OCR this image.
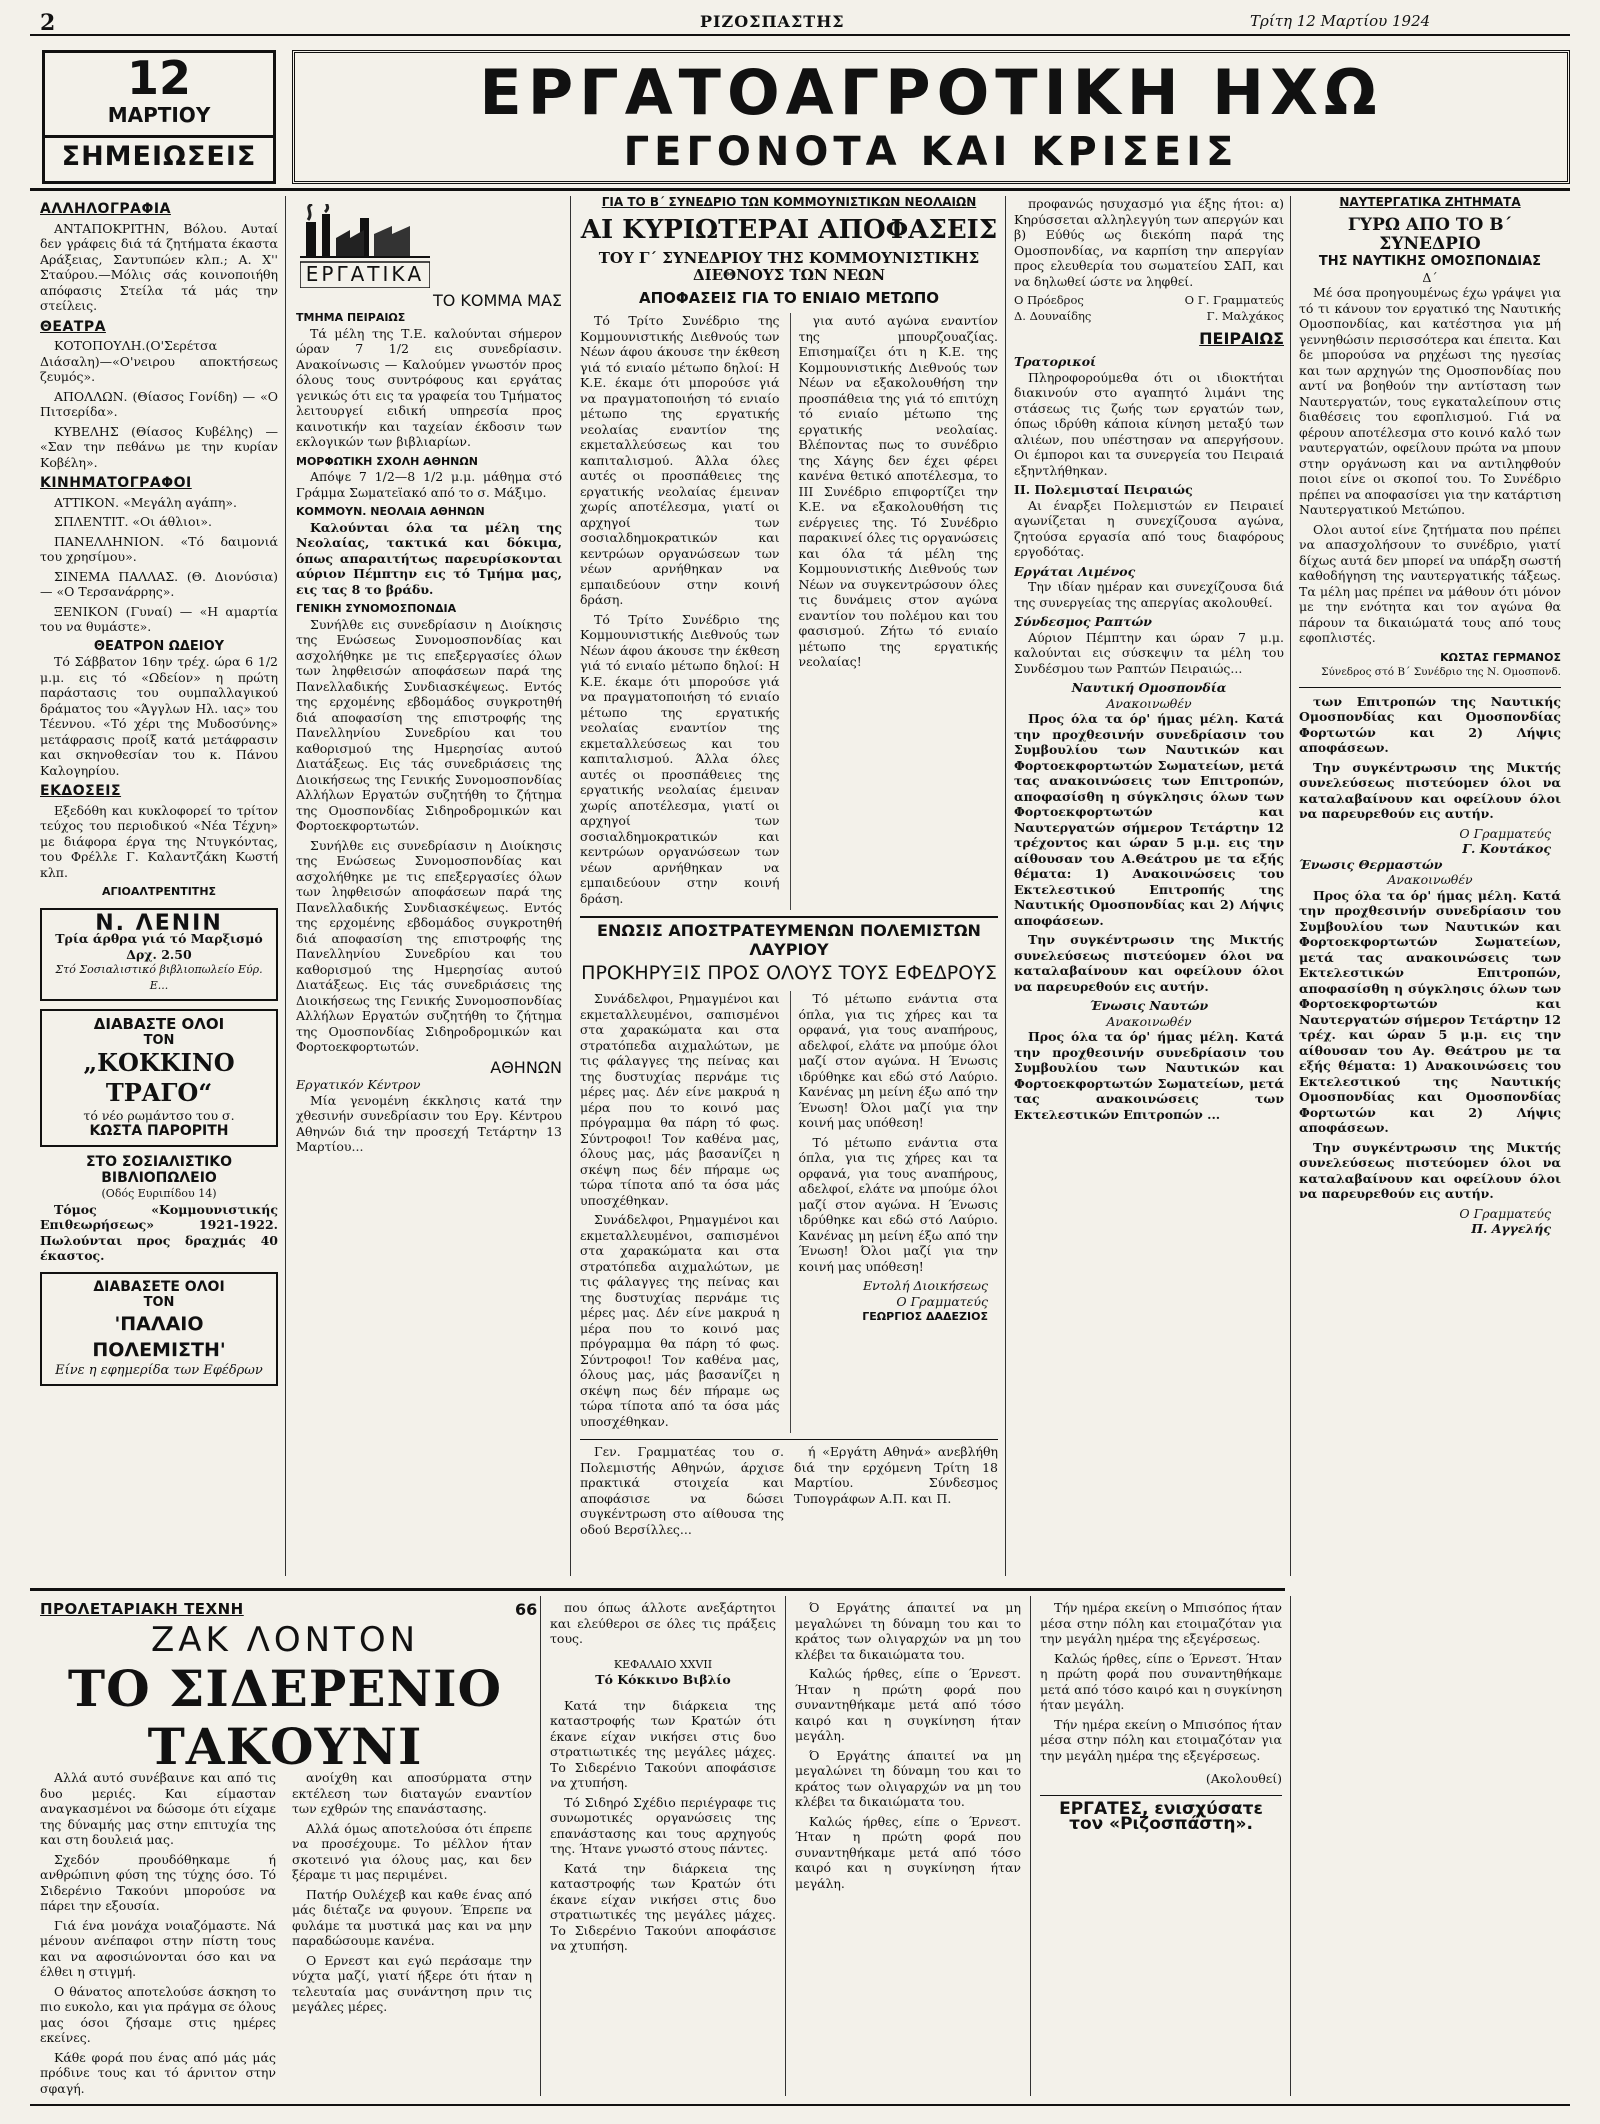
2	ΡΙΖΟΣΠΑΣΤΗΣ	Τρίτη 12 Μαρτίου 1924
12
ΜΑΡΤΙΟΥ
ΣΗΜΕΙΩΣΕΙΣ
ΕΡΓΑΤΟΑΓΡΟΤΙΚΗ ΗΧΩ
ΓΕΓΟΝΟΤΑ ΚΑΙ ΚΡΙΣΕΙΣ
ΑΛΛΗΛΟΓΡΑΦΙΑ

ΑΝΤΑΠΟΚΡΙΤΗΝ, Βόλου. Αυταί δεν γράφεις διά τά ζητήματα έκαστα Αράξειας, Σαντυπώεν κλπ.; Α. Χ'' Σταύρου.—Μόλις σάς κοινοποιήθη απόφασις Στείλα τά μάς την στείλεις.

ΘΕΑΤΡΑ

ΚΟΤΟΠΟΥΛΗ.(Ο'Σερέτσα Διάσαλη)—«Ο'νειρου αποκτήσεως ζευμός».

ΑΠΟΛΛΩΝ. (Θίασος Γονίδη) — «Ο Πιτσερίδα».

ΚΥΒΕΛΗΣ (Θίασος Κυβέλης) — «Σαν την πεθάνω με την κυρίαν Κοβέλη».

ΚΙΝΗΜΑΤΟΓΡΑΦΟΙ

ΑΤΤΙΚΟΝ. «Μεγάλη αγάπη».

ΣΠΛΕΝΤΙΤ. «Οι άθλιοι».

ΠΑΝΕΛΛΗΝΙΟΝ. «Τό δαιμονιά του χρησίμου».

ΣΙΝΕΜΑ ΠΑΛΛΑΣ. (Θ. Διονύσια) — «Ο Τερσανάρρης».

ΞΕΝΙΚΟΝ (Γυναί) — «Η αμαρτία του να θυμάστε».

ΘΕΑΤΡΟΝ ΩΔΕΙΟΥ

Τό Σάββατον 16ην τρέχ. ώρα 6 1/2 μ.μ. εις τό «Ωδείον» η πρώτη παράστασις του ουμπαλλαγικού δράματος του «Άγγλων Ηλ. ιας» του Τέεννου. «Τό χέρι της Μυδοσύνης» μετάφρασις προίξ κατά μετάφρασιν και σκηνοθεσίαν του κ. Πάνου Καλογηρίου.

ΕΚΔΟΣΕΙΣ

Εξεδόθη και κυκλοφορεί το τρίτον τεύχος του περιοδικού «Νέα Τέχνη» με διάφορα έργα της Ντυγκόντας, του Φρέλλε Γ. Καλαντζάκη Κωστή κλπ.

ΑΓΙΟΑΛΤΡΕΝΤΙΤΗΣ
Ν. ΛΕΝΙΝ
Τρία άρθρα γιά τό Μαρξισμό Δρχ. 2.50
Στό Σοσιαλιστικό βιβλιοπωλείο Εύρ. Ε...
ΔΙΑΒΑΣΤΕ ΟΛΟΙ
ΤΟΝ
„ΚΟΚΚΙΝΟ ΤΡΑΓΟ“
τό νέο ρωμάντσο του σ.
ΚΩΣΤΑ ΠΑΡΟΡΙΤΗ
ΣΤΟ ΣΟΣΙΑΛΙΣΤΙΚΟ ΒΙΒΛΙΟΠΩΛΕΙΟ
(Οδός Ευριπίδου 14)

Τόμος «Κομμουνιστικής Επιθεωρήσεως» 1921-1922. Πωλούνται προς δραχμάς 40 έκαστος.

ΔΙΑΒΑΣΕΤΕ ΟΛΟΙ
ΤΟΝ
'ΠΑΛΑΙΟ ΠΟΛΕΜΙΣΤΗ'
Είνε η εφημερίδα των Εφέδρων
ΕΡΓΑΤΙΚΑ
ΤΟ ΚΟΜΜΑ ΜΑΣ
ΤΜΗΜΑ ΠΕΙΡΑΙΩΣ

Τά μέλη της Τ.Ε. καλούνται σήμερον ώραν 7 1/2 εις συνεδρίασιν. Ανακοίνωσις — Καλούμεν γνωστόν προς όλους τους συντρόφους και εργάτας γενικώς ότι εις τα γραφεία του Τμήματος λειτουργεί ειδική υπηρεσία προς καινοτικήν και ταχείαν έκδοσιν των εκλογικών των βιβλιαρίων.

ΜΟΡΦΩΤΙΚΗ ΣΧΟΛΗ ΑΘΗΝΩΝ

Απόψε 7 1/2—8 1/2 μ.μ. μάθημα στό Γράμμα Σωματεϊακό από το σ. Μάξιμο.

ΚΟΜΜΟΥΝ. ΝΕΟΛΑΙΑ ΑΘΗΝΩΝ

Καλούνται όλα τα μέλη της Νεολαίας, τακτικά και δόκιμα, όπως απαραιτήτως παρευρίσκονται αύριον Πέμπτην εις τό Τμήμα μας, εις τας 8 το βράδυ.

ΓΕΝΙΚΗ ΣΥΝΟΜΟΣΠΟΝΔΙΑ

Συνήλθε εις συνεδρίασιν η Διοίκησις της Ενώσεως Συνομοσπονδίας και ασχολήθηκε με τις επεξεργασίες όλων των ληφθεισών αποφάσεων παρά της Πανελλαδικής Συνδιασκέψεως. Εντός της ερχομένης εβδομάδος συγκροτηθή διά αποφασίση της επιστροφής της Πανελληνίου Συνεδρίου και του καθορισμού της Ημερησίας αυτού Διατάξεως. Εις τάς συνεδριάσεις της Διοικήσεως της Γενικής Συνομοσπονδίας Αλλήλων Εργατών συζητήθη το ζήτημα της Ομοσπονδίας Σιδηροδρομικών και Φορτοεκφορτωτών.

Συνήλθε εις συνεδρίασιν η Διοίκησις της Ενώσεως Συνομοσπονδίας και ασχολήθηκε με τις επεξεργασίες όλων των ληφθεισών αποφάσεων παρά της Πανελλαδικής Συνδιασκέψεως. Εντός της ερχομένης εβδομάδος συγκροτηθή διά αποφασίση της επιστροφής της Πανελληνίου Συνεδρίου και του καθορισμού της Ημερησίας αυτού Διατάξεως. Εις τάς συνεδριάσεις της Διοικήσεως της Γενικής Συνομοσπονδίας Αλλήλων Εργατών συζητήθη το ζήτημα της Ομοσπονδίας Σιδηροδρομικών και Φορτοεκφορτωτών.

ΑΘΗΝΩΝ
Εργατικόν Κέντρον

Μία γενομένη έκκλησις κατά την χθεσινήν συνεδρίασιν του Εργ. Κέντρου Αθηνών διά την προσεχή Τετάρτην 13 Μαρτίου...

ΓΙΑ ΤΟ Β΄ ΣΥΝΕΔΡΙΟ ΤΩΝ ΚΟΜΜΟΥΝΙΣΤΙΚΩΝ ΝΕΟΛΑΙΩΝ
ΑΙ ΚΥΡΙΩΤΕΡΑΙ ΑΠΟΦΑΣΕΙΣ
ΤΟΥ Γ΄ ΣΥΝΕΔΡΙΟΥ ΤΗΣ ΚΟΜΜΟΥΝΙΣΤΙΚΗΣ ΔΙΕΘΝΟΥΣ ΤΩΝ ΝΕΩΝ
ΑΠΟΦΑΣΕΙΣ ΓΙΑ ΤΟ ΕΝΙΑΙΟ ΜΕΤΩΠΟ

Τό Τρίτο Συνέδριο της Κομμουνιστικής Διεθνούς των Νέων άφου άκουσε την έκθεση γιά τό ενιαίο μέτωπο δηλοί: Η Κ.Ε. έκαμε ότι μπορούσε γιά να πραγματοποιήση τό ενιαίο μέτωπο της εργατικής νεολαίας εναντίον της εκμεταλλεύσεως και του καπιταλισμού. Άλλα όλες αυτές οι προσπάθειες της εργατικής νεολαίας έμειναν χωρίς αποτέλεσμα, γιατί οι αρχηγοί των σοσιαλδημοκρατικών και κεντρώων οργανώσεων των νέων αρνήθηκαν να εμπαιδεύουν στην κοινή δράση.

Τό Τρίτο Συνέδριο της Κομμουνιστικής Διεθνούς των Νέων άφου άκουσε την έκθεση γιά τό ενιαίο μέτωπο δηλοί: Η Κ.Ε. έκαμε ότι μπορούσε γιά να πραγματοποιήση τό ενιαίο μέτωπο της εργατικής νεολαίας εναντίον της εκμεταλλεύσεως και του καπιταλισμού. Άλλα όλες αυτές οι προσπάθειες της εργατικής νεολαίας έμειναν χωρίς αποτέλεσμα, γιατί οι αρχηγοί των σοσιαλδημοκρατικών και κεντρώων οργανώσεων των νέων αρνήθηκαν να εμπαιδεύουν στην κοινή δράση.

για αυτό αγώνα εναντίον της μπουρζουαζίας. Επισημαίζει ότι η Κ.Ε. της Κομμουνιστικής Διεθνούς των Νέων να εξακολουθήση την προσπάθεια της γιά τό επιτύχη τό ενιαίο μέτωπο της εργατικής νεολαίας. Βλέποντας πως το συνέδριο της Χάγης δεν έχει φέρει κανένα θετικό αποτέλεσμα, το ΙΙΙ Συνέδριο επιφορτίζει την Κ.Ε. να εξακολουθήση τις ενέργειες της. Τό Συνέδριο παρακινεί όλες τις οργανώσεις και όλα τά μέλη της Κομμουνιστικής Διεθνούς των Νέων να συγκεντρώσουν όλες τις δυνάμεις στον αγώνα εναντίον του πολέμου και του φασισμού. Ζήτω τό ενιαίο μέτωπο της εργατικής νεολαίας!

ΕΝΩΣΙΣ ΑΠΟΣΤΡΑΤΕΥΜΕΝΩΝ ΠΟΛΕΜΙΣΤΩΝ ΛΑΥΡΙΟΥ
ΠΡΟΚΗΡΥΞΙΣ ΠΡΟΣ ΟΛΟΥΣ ΤΟΥΣ ΕΦΕΔΡΟΥΣ

Συνάδελφοι, Ρημαγμένοι και εκμεταλλευμένοι, σαπισμένοι στα χαρακώματα και στα στρατόπεδα αιχμαλώτων, με τις φάλαγγες της πείνας και της δυστυχίας περνάμε τις μέρες μας. Δέν είνε μακρυά η μέρα που το κοινό μας πρόγραμμα θα πάρη τό φως. Σύντροφοι! Τον καθένα μας, όλους μας, μάς βασανίζει η σκέψη πως δέν πήραμε ως τώρα τίποτα από τα όσα μάς υποσχέθηκαν.

Συνάδελφοι, Ρημαγμένοι και εκμεταλλευμένοι, σαπισμένοι στα χαρακώματα και στα στρατόπεδα αιχμαλώτων, με τις φάλαγγες της πείνας και της δυστυχίας περνάμε τις μέρες μας. Δέν είνε μακρυά η μέρα που το κοινό μας πρόγραμμα θα πάρη τό φως. Σύντροφοι! Τον καθένα μας, όλους μας, μάς βασανίζει η σκέψη πως δέν πήραμε ως τώρα τίποτα από τα όσα μάς υποσχέθηκαν.

Τό μέτωπο ενάντια στα όπλα, για τις χήρες και τα ορφανά, για τους αναπήρους, αδελφοί, ελάτε να μπούμε όλοι μαζί στον αγώνα. Η Ένωσις ιδρύθηκε και εδώ στό Λαύριο. Κανένας μη μείνη έξω από την Ένωση! Όλοι μαζί για την κοινή μας υπόθεση!

Τό μέτωπο ενάντια στα όπλα, για τις χήρες και τα ορφανά, για τους αναπήρους, αδελφοί, ελάτε να μπούμε όλοι μαζί στον αγώνα. Η Ένωσις ιδρύθηκε και εδώ στό Λαύριο. Κανένας μη μείνη έξω από την Ένωση! Όλοι μαζί για την κοινή μας υπόθεση!

Εντολή Διοικήσεως
Ο Γραμματεύς
ΓΕΩΡΓΙΟΣ ΔΑΔΕΖΙΟΣ

Γεν. Γραμματέας του σ. Πολεμιστής Αθηνών, άρχισε πρακτικά στοιχεία και αποφάσισε να δώσει συγκέντρωση στο αίθουσα της οδού Βερσίλλες...

ή «Εργάτη Αθηνά» ανεβλήθη διά την ερχόμενη Τρίτη 18 Μαρτίου. Σύνδεσμος Τυπογράφων Α.Π. και Π.

προφανώς ησυχασμό για έξης ήτοι: α) Κηρύσσεται αλληλεγγύη των απεργών και β) Εύθύς ως διεκόπη παρά της Ομοσπονδίας, να καρπίση την απεργίαν προς ελευθερία του σωματείου ΣΑΠ, και να δηλωθεί ώστε να ληφθεί.

Ο Πρόεδρος
Δ. Δουναίδης
Ο Γ. Γραμματεύς
Γ. Μαλχάκος
ΠΕΙΡΑΙΩΣ
Τρατορικοί

Πληροφορούμεθα ότι οι ιδιοκτήται διακινούν στο αγαπητό λιμάνι της στάσεως τις ζωής των εργατών των, όπως ιδρύθη κάποια κίνηση μεταξύ των αλιέων, που υπέστησαν να απεργήσουν. Οι έμποροι και τα συνεργεία του Πειραιά εξηντλήθηκαν.

ΙΙ. Πολεμισταί Πειραιώς

Αι έναρξει Πολεμιστών εν Πειραιεί αγωνίζεται η συνεχίζουσα αγώνα, ζητούσα εργασία από τους διαφόρους εργοδότας.

Εργάται Λιμένος

Την ιδίαν ημέραν και συνεχίζουσα διά της συνεργείας της απεργίας ακολουθεί.

Σύνδεσμος Ραπτών

Αύριον Πέμπτην και ώραν 7 μ.μ. καλούνται εις σύσκεψιν τα μέλη του Συνδέσμου των Ραπτών Πειραιώς...

Ναυτική Ομοσπονδία
Ανακοινωθέν

Προς όλα τα όρ' ήμας μέλη. Κατά την προχθεσινήν συνεδρίασιν του Συμβουλίου των Ναυτικών και Φορτοεκφορτωτών Σωματείων, μετά τας ανακοινώσεις των Επιτροπών, αποφασίσθη η σύγκλησις όλων των Φορτοεκφορτωτών και Ναυτεργατών σήμερον Τετάρτην 12 τρέχοντος και ώραν 5 μ.μ. εις την αίθουσαν του Α.Θεάτρου με τα εξής θέματα: 1) Ανακοινώσεις του Εκτελεστικού Επιτροπής της Ναυτικής Ομοσπονδίας και 2) Λήψις αποφάσεων.

Την συγκέντρωσιν της Μικτής συνελεύσεως πιστεύομεν όλοι να καταλαβαίνουν και οφείλουν όλοι να παρευρεθούν εις αυτήν.

Ένωσις Ναυτών
Ανακοινωθέν

Προς όλα τα όρ' ήμας μέλη. Κατά την προχθεσινήν συνεδρίασιν του Συμβουλίου των Ναυτικών και Φορτοεκφορτωτών Σωματείων, μετά τας ανακοινώσεις των Εκτελεστικών Επιτροπών ...

ΝΑΥΤΕΡΓΑΤΙΚΑ ΖΗΤΗΜΑΤΑ
ΓΥΡΩ ΑΠΟ ΤΟ Β΄ ΣΥΝΕΔΡΙΟ
ΤΗΣ ΝΑΥΤΙΚΗΣ ΟΜΟΣΠΟΝΔΙΑΣ
Δ΄

Μέ όσα προηγουμένως έχω γράψει για τό τι κάνουν τον εργατικό της Ναυτικής Ομοσπονδίας, και κατέστησα για μή γεννηθώσιν περισσότερα και έπειτα. Και δε μπορούσα να ρηχέωσι της ηγεσίας και των αρχηγών της Ομοσπονδίας που αντί να βοηθούν την αντίσταση των Ναυτεργατών, τους εγκαταλείπουν στις διαθέσεις του εφοπλισμού. Γιά να φέρουν αποτέλεσμα στο κοινό καλό των ναυτεργατών, οφείλουν πρώτα να μπουν στην οργάνωση και να αντιληφθούν ποιοι είνε οι σκοποί του. Το Συνέδριο πρέπει να αποφασίσει για την κατάρτιση Ναυτεργατικού Μετώπου.

Ολοι αυτοί είνε ζητήματα που πρέπει να απασχολήσουν το συνέδριο, γιατί δίχως αυτά δεν μπορεί να υπάρξη σωστή καθοδήγηση της ναυτεργατικής τάξεως. Τα μέλη μας πρέπει να μάθουν ότι μόνον με την ενότητα και τον αγώνα θα πάρουν τα δικαιώματά τους από τους εφοπλιστές.

ΚΩΣΤΑΣ ΓΕΡΜΑΝΟΣ
Σύνεδρος στό Β΄ Συνέδριο της Ν. Ομοσπονδ.

των Επιτροπών της Ναυτικής Ομοσπονδίας και Ομοσπονδίας Φορτωτών και 2) Λήψις αποφάσεων.

Την συγκέντρωσιν της Μικτής συνελεύσεως πιστεύομεν όλοι να καταλαβαίνουν και οφείλουν όλοι να παρευρεθούν εις αυτήν.

Ο Γραμματεύς
Γ. Κουτάκος
Ένωσις Θερμαστών
Ανακοινωθέν

Προς όλα τα όρ' ήμας μέλη. Κατά την προχθεσινήν συνεδρίασιν του Συμβουλίου των Ναυτικών και Φορτοεκφορτωτών Σωματείων, μετά τας ανακοινώσεις των Εκτελεστικών Επιτροπών, αποφασίσθη η σύγκλησις όλων των Φορτοεκφορτωτών και Ναυτεργατών σήμερον Τετάρτην 12 τρέχ. και ώραν 5 μ.μ. εις την αίθουσαν του Αγ. Θεάτρου με τα εξής θέματα: 1) Ανακοινώσεις του Εκτελεστικού της Ναυτικής Ομοσπονδίας και Ομοσπονδίας Φορτωτών και 2) Λήψις αποφάσεων.

Την συγκέντρωσιν της Μικτής συνελεύσεως πιστεύομεν όλοι να καταλαβαίνουν και οφείλουν όλοι να παρευρεθούν εις αυτήν.

Ο Γραμματεύς
Π. Αγγελής
ΠΡΟΛΕΤΑΡΙΑΚΗ ΤΕΧΝΗ
ΖΑΚ ΛΟΝΤΟΝ
ΤΟ ΣΙΔΕΡΕΝΙΟ ΤΑΚΟΥΝΙ
66

Αλλά αυτό συνέβαινε και από τις δυο μεριές. Και είμασταν αναγκασμένοι να δώσομε ότι είχαμε της δύναμής μας στην επιτυχία της και στη δουλειά μας.

Σχεδόν προυδόθηκαμε ή ανθρώπινη φύση της τύχης όσο. Τό Σιδερένιο Τακούνι μπορούσε να πάρει την εξουσία.

Γιά ένα μονάχα νοιαζόμαστε. Νά μένουν ανέπαφοι στην πίστη τους και να αφοσιώνονται όσο και να έλθει η στιγμή.

Ο θάνατος αποτελούσε άσκηση το πιο ευκολο, και για πράγμα σε όλους μας όσοι ζήσαμε στις ημέρες εκείνες.

Κάθε φορά που ένας από μάς μάς πρόδινε τους και τό άρνιτον στην σφαγή.

ανοίχθη και αποσύρματα στην εκτέλεση των διαταγών εναντίον των εχθρών της επανάστασης.

Αλλά όμως αποτελούσα ότι έπρεπε να προσέχουμε. Το μέλλον ήταν σκοτεινό για όλους μας, και δεν ξέραμε τι μας περιμένει.

Πατήρ Ουλέχεβ και καθε ένας από μάς διέταζε να φυγουν. Έπρεπε να φυλάμε τα μυστικά μας και να μην παραδώσουμε κανένα.

Ο Ερνεστ και εγώ περάσαμε την νύχτα μαζί, γιατί ήξερε ότι ήταν η τελευταία μας συνάντηση πριν τις μεγάλες μέρες.

που όπως άλλοτε ανεξάρτητοι και ελεύθεροι σε όλες τις πράξεις τους.

ΚΕΦΑΛΑΙΟ ΧΧVΙΙ
Τό Κόκκινο Βιβλίο

Κατά την διάρκεια της καταστροφής των Κρατών ότι έκανε είχαν νικήσει στις δυο στρατιωτικές της μεγάλες μάχες. Το Σιδερένιο Τακούνι αποφάσισε να χτυπήση.

Τό Σιδηρό Σχέδιο περιέγραφε τις συνωμοτικές οργανώσεις της επανάστασης και τους αρχηγούς της. Ήτανε γνωστό στους πάντες.

Κατά την διάρκεια της καταστροφής των Κρατών ότι έκανε είχαν νικήσει στις δυο στρατιωτικές της μεγάλες μάχες. Το Σιδερένιο Τακούνι αποφάσισε να χτυπήση.

Ό Εργάτης άπαιτεί να μη μεγαλώνει τη δύναμη του και το κράτος των ολιγαρχών να μη του κλέβει τα δικαιώματα του.

Καλώς ήρθες, είπε ο Έρνεστ. Ήταν η πρώτη φορά που συναντηθήκαμε μετά από τόσο καιρό και η συγκίνηση ήταν μεγάλη.

Ό Εργάτης άπαιτεί να μη μεγαλώνει τη δύναμη του και το κράτος των ολιγαρχών να μη του κλέβει τα δικαιώματα του.

Καλώς ήρθες, είπε ο Έρνεστ. Ήταν η πρώτη φορά που συναντηθήκαμε μετά από τόσο καιρό και η συγκίνηση ήταν μεγάλη.

Τήν ημέρα εκείνη ο Μπισόπος ήταν μέσα στην πόλη και ετοιμαζόταν για την μεγάλη ημέρα της εξεγέρσεως.

Καλώς ήρθες, είπε ο Έρνεστ. Ήταν η πρώτη φορά που συναντηθήκαμε μετά από τόσο καιρό και η συγκίνηση ήταν μεγάλη.

Τήν ημέρα εκείνη ο Μπισόπος ήταν μέσα στην πόλη και ετοιμαζόταν για την μεγάλη ημέρα της εξεγέρσεως.

(Ακολουθεί)
ΕΡΓΑΤΕΣ, ενισχύσατε τον «Ριζοσπάστη».
